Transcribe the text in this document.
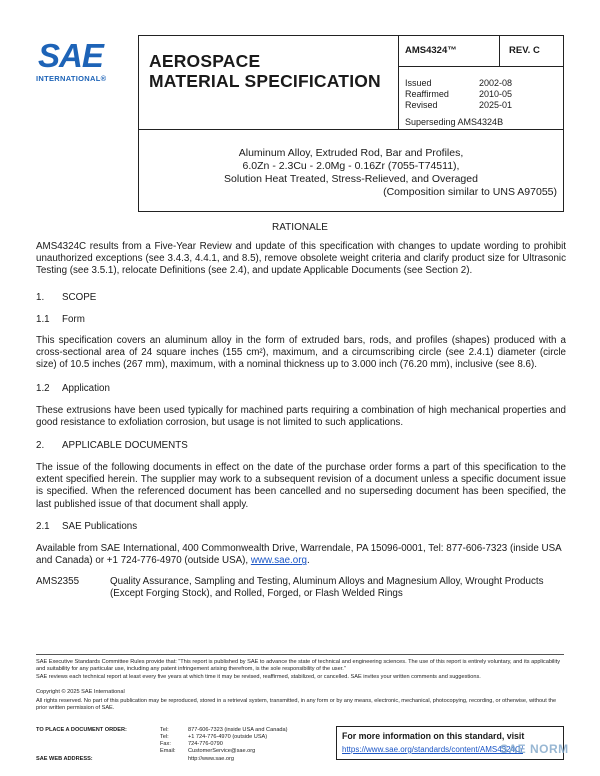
SAE
INTERNATIONAL®
AEROSPACE
MATERIAL SPECIFICATION
AMS4324™	REV. C
Issued	2002-08
Reaffirmed	2010-05
Revised	2025-01
Superseding AMS4324B
Aluminum Alloy, Extruded Rod, Bar and Profiles,
6.0Zn - 2.3Cu - 2.0Mg - 0.16Zr (7055-T74511),
Solution Heat Treated, Stress-Relieved, and Overaged
(Composition similar to UNS A97055)
RATIONALE
AMS4324C results from a Five-Year Review and update of this specification with changes to update wording to prohibit unauthorized exceptions (see 3.4.3, 4.4.1, and 8.5), remove obsolete weight criteria and clarify product size for Ultrasonic Testing (see 3.5.1), relocate Definitions (see 2.4), and update Applicable Documents (see Section 2).
1. SCOPE
1.1 Form
This specification covers an aluminum alloy in the form of extruded bars, rods, and profiles (shapes) produced with a cross-sectional area of 24 square inches (155 cm²), maximum, and a circumscribing circle (see 2.4.1) diameter (circle size) of 10.5 inches (267 mm), maximum, with a nominal thickness up to 3.000 inch (76.20 mm), inclusive (see 8.6).
1.2 Application
These extrusions have been used typically for machined parts requiring a combination of high mechanical properties and good resistance to exfoliation corrosion, but usage is not limited to such applications.
2. APPLICABLE DOCUMENTS
The issue of the following documents in effect on the date of the purchase order forms a part of this specification to the extent specified herein. The supplier may work to a subsequent revision of a document unless a specific document issue is specified. When the referenced document has been cancelled and no superseding document has been specified, the last published issue of that document shall apply.
2.1 SAE Publications
Available from SAE International, 400 Commonwealth Drive, Warrendale, PA 15096-0001, Tel: 877-606-7323 (inside USA and Canada) or +1 724-776-4970 (outside USA), www.sae.org.
AMS2355	Quality Assurance, Sampling and Testing, Aluminum Alloys and Magnesium Alloy, Wrought Products (Except Forging Stock), and Rolled, Forged, or Flash Welded Rings
SAE Executive Standards Committee Rules provide that: “This report is published by SAE to advance the state of technical and engineering sciences. The use of this report is entirely voluntary, and its applicability and suitability for any particular use, including any patent infringement arising therefrom, is the sole responsibility of the user.”
SAE reviews each technical report at least every five years at which time it may be revised, reaffirmed, stabilized, or cancelled. SAE invites your written comments and suggestions.
Copyright © 2025 SAE International
All rights reserved. No part of this publication may be reproduced, stored in a retrieval system, transmitted, in any form or by any means, electronic, mechanical, photocopying, recording, or otherwise, without the prior written permission of SAE.
TO PLACE A DOCUMENT ORDER:	Tel:	877-606-7323 (inside USA and Canada)
Tel:	+1 724-776-4970 (outside USA)
Fax:	724-776-0790
Email: CustomerService@sae.org
SAE WEB ADDRESS:	http://www.sae.org
For more information on this standard, visit
https://www.sae.org/standards/content/AMS4324C/
SAE NORM
